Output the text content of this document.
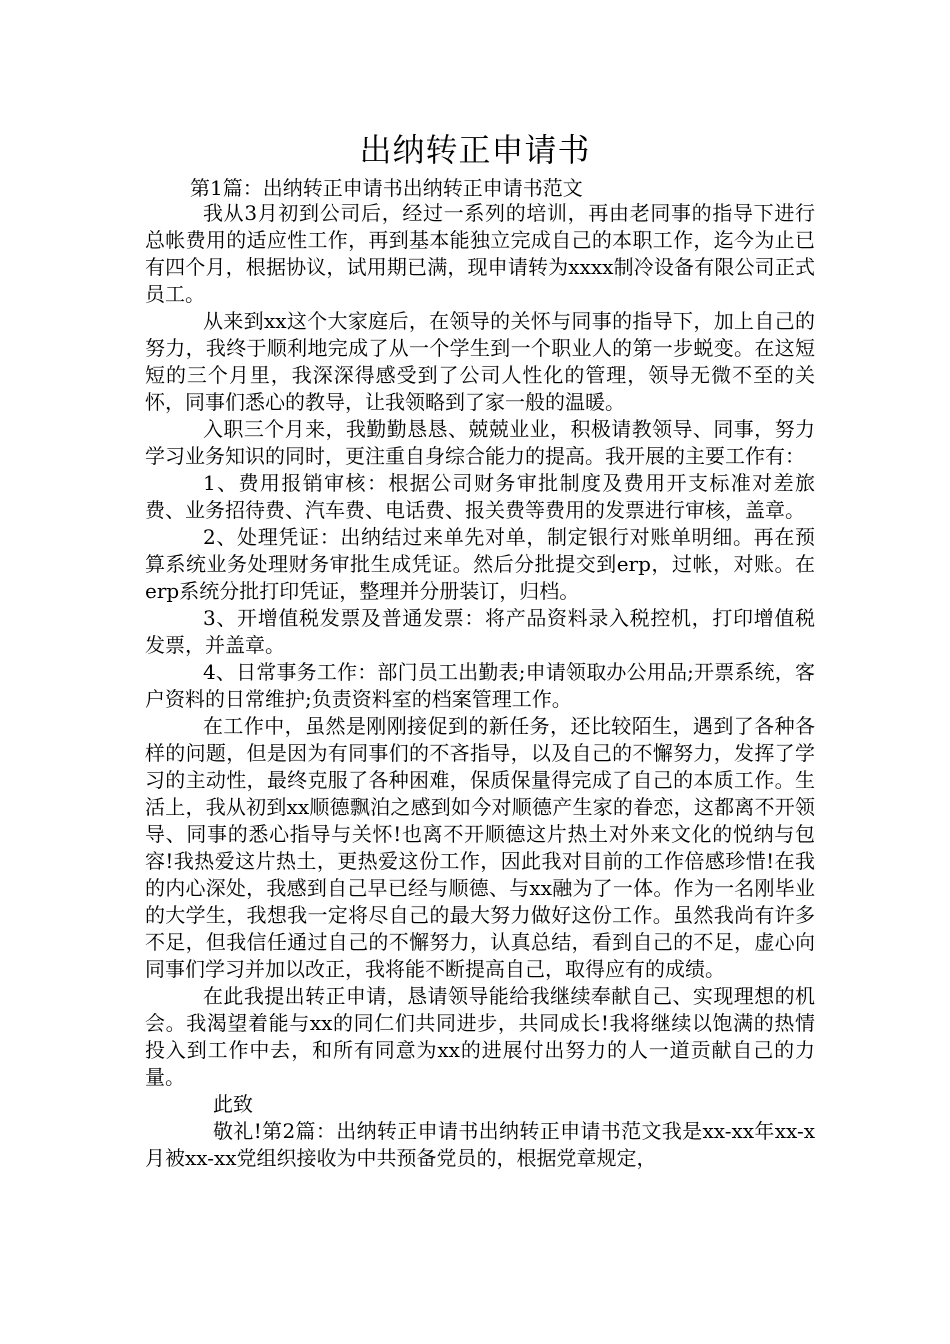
出纳转正申请书
第1篇：出纳转正申请书出纳转正申请书范文

我从3月初到公司后，经过一系列的培训，再由老同事的指导下进行总帐费用的适应性工作，再到基本能独立完成自己的本职工作，迄今为止已有四个月，根据协议，试用期已满，现申请转为xxxx制冷设备有限公司正式员工。

从来到xx这个大家庭后，在领导的关怀与同事的指导下，加上自己的努力，我终于顺利地完成了从一个学生到一个职业人的第一步蜕变。在这短短的三个月里，我深深得感受到了公司人性化的管理，领导无微不至的关怀，同事们悉心的教导，让我领略到了家一般的温暖。

入职三个月来，我勤勤恳恳、兢兢业业，积极请教领导、同事，努力学习业务知识的同时，更注重自身综合能力的提高。我开展的主要工作有：

1、费用报销审核：根据公司财务审批制度及费用开支标准对差旅费、业务招待费、汽车费、电话费、报关费等费用的发票进行审核，盖章。

2、处理凭证：出纳结过来单先对单，制定银行对账单明细。再在预算系统业务处理财务审批生成凭证。然后分批提交到erp，过帐，对账。在erp系统分批打印凭证，整理并分册装订，归档。

3、开增值税发票及普通发票：将产品资料录入税控机，打印增值税发票，并盖章。

4、日常事务工作：部门员工出勤表;申请领取办公用品;开票系统，客户资料的日常维护;负责资料室的档案管理工作。

在工作中，虽然是刚刚接促到的新任务，还比较陌生，遇到了各种各样的问题，但是因为有同事们的不吝指导，以及自己的不懈努力，发挥了学习的主动性，最终克服了各种困难，保质保量得完成了自己的本质工作。生活上，我从初到xx顺德飘泊之感到如今对顺德产生家的眷恋，这都离不开领导、同事的悉心指导与关怀!也离不开顺德这片热土对外来文化的悦纳与包容!我热爱这片热土，更热爱这份工作，因此我对目前的工作倍感珍惜!在我的内心深处，我感到自己早已经与顺德、与xx融为了一体。作为一名刚毕业的大学生，我想我一定将尽自己的最大努力做好这份工作。虽然我尚有许多不足，但我信任通过自己的不懈努力，认真总结，看到自己的不足，虚心向同事们学习并加以改正，我将能不断提高自己，取得应有的成绩。

在此我提出转正申请，恳请领导能给我继续奉献自己、实现理想的机会。我渴望着能与xx的同仁们共同进步，共同成长!我将继续以饱满的热情投入到工作中去，和所有同意为xx的进展付出努力的人一道贡献自己的力量。

此致

敬礼!第2篇：出纳转正申请书出纳转正申请书范文我是xx-xx年xx-x月被xx-xx党组织接收为中共预备党员的，根据党章规定，
